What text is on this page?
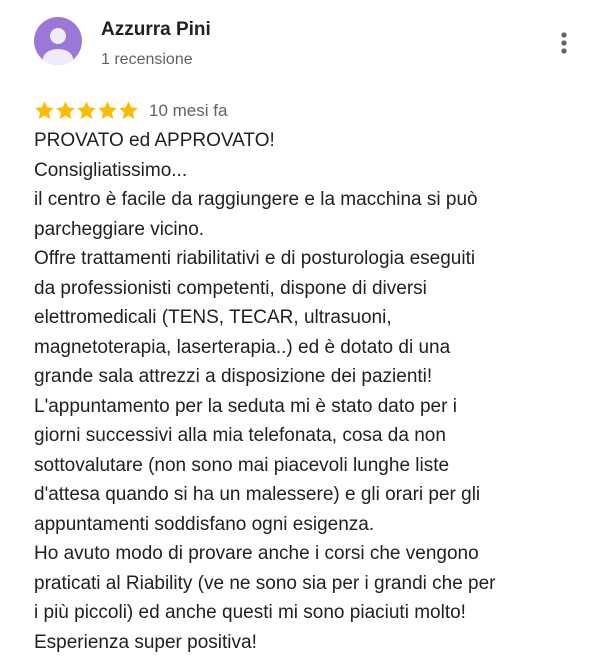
Azzurra Pini
1 recensione
10 mesi fa
PROVATO ed APPROVATO!
Consigliatissimo...
il centro è facile da raggiungere e la macchina si può
parcheggiare vicino.
Offre trattamenti riabilitativi e di posturologia eseguiti
da professionisti competenti, dispone di diversi
elettromedicali (TENS, TECAR, ultrasuoni,
magnetoterapia, laserterapia..) ed è dotato di una
grande sala attrezzi a disposizione dei pazienti!
L'appuntamento per la seduta mi è stato dato per i
giorni successivi alla mia telefonata, cosa da non
sottovalutare (non sono mai piacevoli lunghe liste
d'attesa quando si ha un malessere) e gli orari per gli
appuntamenti soddisfano ogni esigenza.
Ho avuto modo di provare anche i corsi che vengono
praticati al Riability (ve ne sono sia per i grandi che per
i più piccoli) ed anche questi mi sono piaciuti molto!
Esperienza super positiva!
